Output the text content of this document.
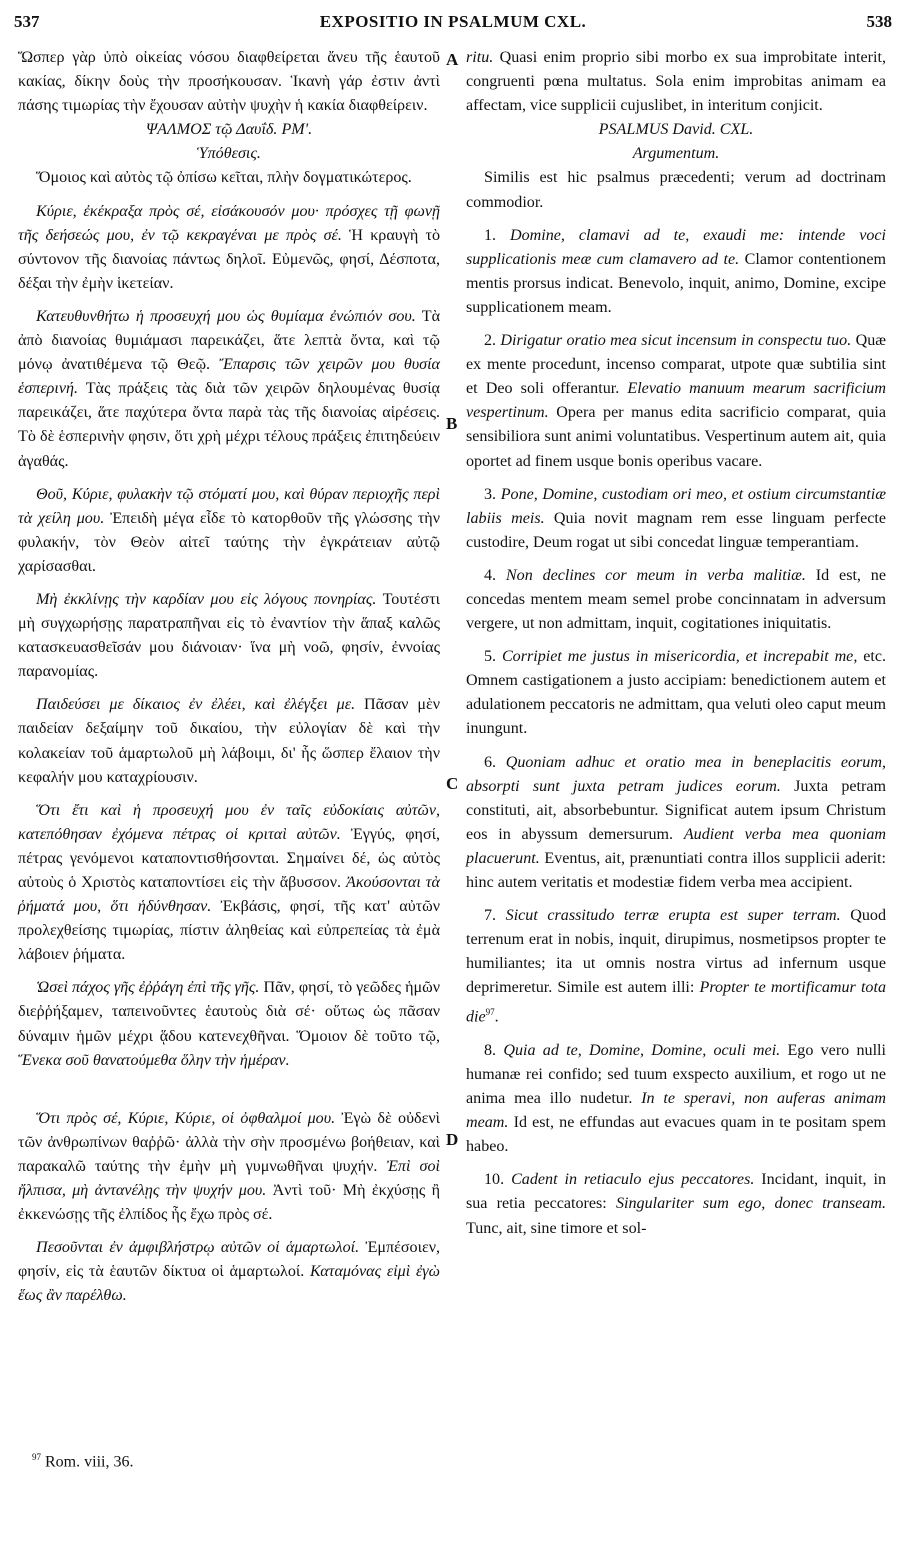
537	EXPOSITIO IN PSALMUM CXL.	538
A
B
C
D

Ὥσπερ γὰρ ὑπὸ οἰκείας νόσου διαφθείρεται ἄνευ τῆς ἑαυτοῦ κακίας, δίκην δοὺς τὴν προσήκουσαν. Ἱκανὴ γάρ ἐστιν ἀντὶ πάσης τιμωρίας τὴν ἔχουσαν αὐτὴν ψυχὴν ἡ κακία διαφθείρειν.

ΨΑΛΜΟΣ τῷ Δαυΐδ. ΡΜ'.

Ὑπόθεσις.

Ὅμοιος καὶ αὐτὸς τῷ ὀπίσω κεῖται, πλὴν δογματικώτερος.

Κύριε, ἐκέκραξα πρὸς σέ, εἰσάκουσόν μου· πρόσχες τῇ φωνῇ τῆς δεήσεώς μου, ἐν τῷ κεκραγέναι με πρὸς σέ. Ἡ κραυγὴ τὸ σύντονον τῆς διανοίας πάντως δηλοῖ. Εὐμενῶς, φησί, Δέσποτα, δέξαι τὴν ἐμὴν ἱκετείαν.

Κατευθυνθήτω ἡ προσευχή μου ὡς θυμίαμα ἐνώπιόν σου. Τὰ ἀπὸ διανοίας θυμιάμασι παρεικάζει, ἅτε λεπτὰ ὄντα, καὶ τῷ μόνῳ ἀνατιθέμενα τῷ Θεῷ. Ἔπαρσις τῶν χειρῶν μου θυσία ἑσπερινή. Τὰς πράξεις τὰς διὰ τῶν χειρῶν δηλουμένας θυσίᾳ παρεικάζει, ἅτε παχύτερα ὄντα παρὰ τὰς τῆς διανοίας αἱρέσεις. Τὸ δὲ ἑσπερινὴν φησιν, ὅτι χρὴ μέχρι τέλους πράξεις ἐπιτηδεύειν ἀγαθάς.

Θοῦ, Κύριε, φυλακὴν τῷ στόματί μου, καὶ θύραν περιοχῆς περὶ τὰ χείλη μου. Ἐπειδὴ μέγα εἶδε τὸ κατορθοῦν τῆς γλώσσης τὴν φυλακήν, τὸν Θεὸν αἰτεῖ ταύτης τὴν ἐγκράτειαν αὐτῷ χαρίσασθαι.

Μὴ ἐκκλίνῃς τὴν καρδίαν μου εἰς λόγους πονηρίας. Τουτέστι μὴ συγχωρήσῃς παρατραπῆναι εἰς τὸ ἐναντίον τὴν ἅπαξ καλῶς κατασκευασθεῖσάν μου διάνοιαν· ἵνα μὴ νοῶ, φησίν, ἐννοίας παρανομίας.

Παιδεύσει με δίκαιος ἐν ἐλέει, καὶ ἐλέγξει με. Πᾶσαν μὲν παιδείαν δεξαίμην τοῦ δικαίου, τὴν εὐλογίαν δὲ καὶ τὴν κολακείαν τοῦ ἁμαρτωλοῦ μὴ λάβοιμι, δι' ἧς ὥσπερ ἔλαιον τὴν κεφαλήν μου καταχρίουσιν.

Ὅτι ἔτι καὶ ἡ προσευχή μου ἐν ταῖς εὐδοκίαις αὐτῶν, κατεπόθησαν ἐχόμενα πέτρας οἱ κριταὶ αὐτῶν. Ἐγγύς, φησί, πέτρας γενόμενοι καταποντισθήσονται. Σημαίνει δέ, ὡς αὐτὸς αὐτοὺς ὁ Χριστὸς καταποντίσει εἰς τὴν ἄβυσσον. Ἀκούσονται τὰ ῥήματά μου, ὅτι ἡδύνθησαν. Ἐκβάσις, φησί, τῆς κατ' αὐτῶν προλεχθείσης τιμωρίας, πίστιν ἀληθείας καὶ εὐπρεπείας τὰ ἐμὰ λάβοιεν ῥήματα.

Ὡσεὶ πάχος γῆς ἐῤῥάγη ἐπὶ τῆς γῆς. Πᾶν, φησί, τὸ γεῶδες ἡμῶν διεῤῥήξαμεν, ταπεινοῦντες ἑαυτοὺς διὰ σέ· οὕτως ὡς πᾶσαν δύναμιν ἡμῶν μέχρι ᾅδου κατενεχθῆναι. Ὅμοιον δὲ τοῦτο τῷ, Ἕνεκα σοῦ θανατούμεθα ὅλην τὴν ἡμέραν.

Ὅτι πρὸς σέ, Κύριε, Κύριε, οἱ ὀφθαλμοί μου. Ἐγὼ δὲ οὐδενὶ τῶν ἀνθρωπίνων θαῤῥῶ· ἀλλὰ τὴν σὴν προσμένω βοήθειαν, καὶ παρακαλῶ ταύτης τὴν ἐμὴν μὴ γυμνωθῆναι ψυχήν. Ἐπὶ σοὶ ἤλπισα, μὴ ἀντανέλῃς τὴν ψυχήν μου. Ἀντὶ τοῦ· Μὴ ἐκχύσῃς ἢ ἐκκενώσῃς τῆς ἐλπίδος ἧς ἔχω πρὸς σέ.

Πεσοῦνται ἐν ἀμφιβλήστρῳ αὐτῶν οἱ ἁμαρτωλοί. Ἐμπέσοιεν, φησίν, εἰς τὰ ἑαυτῶν δίκτυα οἱ ἁμαρτωλοί. Καταμόνας εἰμὶ ἐγὼ ἕως ἂν παρέλθω.

ritu. Quasi enim proprio sibi morbo ex sua improbitate interit, congruenti pœna multatus. Sola enim improbitas animam ea affectam, vice supplicii cujuslibet, in interitum conjicit.

PSALMUS David. CXL.

Argumentum.

Similis est hic psalmus præcedenti; verum ad doctrinam commodior.

1. Domine, clamavi ad te, exaudi me: intende voci supplicationis meæ cum clamavero ad te. Clamor contentionem mentis prorsus indicat. Benevolo, inquit, animo, Domine, excipe supplicationem meam.

2. Dirigatur oratio mea sicut incensum in conspectu tuo. Quæ ex mente procedunt, incenso comparat, utpote quæ subtilia sint et Deo soli offerantur. Elevatio manuum mearum sacrificium vespertinum. Opera per manus edita sacrificio comparat, quia sensibiliora sunt animi voluntatibus. Vespertinum autem ait, quia oportet ad finem usque bonis operibus vacare.

3. Pone, Domine, custodiam ori meo, et ostium circumstantiæ labiis meis. Quia novit magnam rem esse linguam perfecte custodire, Deum rogat ut sibi concedat linguæ temperantiam.

4. Non declines cor meum in verba malitiæ. Id est, ne concedas mentem meam semel probe concinnatam in adversum vergere, ut non admittam, inquit, cogitationes iniquitatis.

5. Corripiet me justus in misericordia, et increpabit me, etc. Omnem castigationem a justo accipiam: benedictionem autem et adulationem peccatoris ne admittam, qua veluti oleo caput meum inungunt.

6. Quoniam adhuc et oratio mea in beneplacitis eorum, absorpti sunt juxta petram judices eorum. Juxta petram constituti, ait, absorbebuntur. Significat autem ipsum Christum eos in abyssum demersurum. Audient verba mea quoniam placuerunt. Eventus, ait, prænuntiati contra illos supplicii aderit: hinc autem veritatis et modestiæ fidem verba mea accipient.

7. Sicut crassitudo terræ erupta est super terram. Quod terrenum erat in nobis, inquit, dirupimus, nosmetipsos propter te humiliantes; ita ut omnis nostra virtus ad infernum usque deprimeretur. Simile est autem illi: Propter te mortificamur tota die$^{97}$.

8. Quia ad te, Domine, Domine, oculi mei. Ego vero nulli humanæ rei confido; sed tuum exspecto auxilium, et rogo ut ne anima mea illo nudetur. In te speravi, non auferas animam meam. Id est, ne effundas aut evacues quam in te positam spem habeo.

10. Cadent in retiaculo ejus peccatores. Incidant, inquit, in sua retia peccatores: Singulariter sum ego, donec transeam. Tunc, ait, sine timore et sol-

$^{97}$ Rom. viii, 36.
